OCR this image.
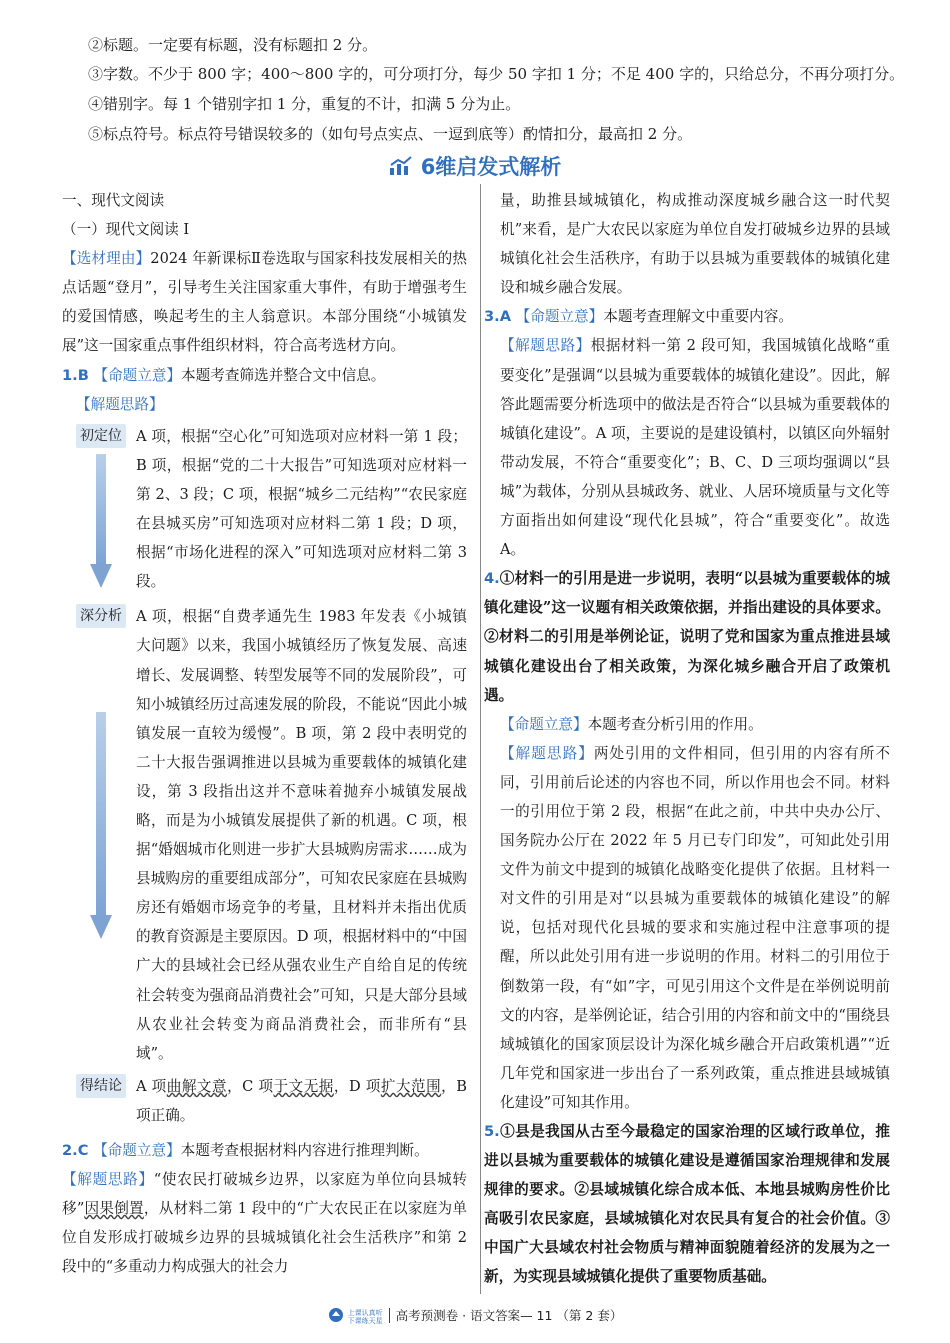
②标题。一定要有标题，没有标题扣 2 分。
③字数。不少于 800 字；400～800 字的，可分项打分，每少 50 字扣 1 分；不足 400 字的，只给总分，不再分项打分。
④错别字。每 1 个错别字扣 1 分，重复的不计，扣满 5 分为止。
⑤标点符号。标点符号错误较多的（如句号点实点、一逗到底等）酌情扣分，最高扣 2 分。
6维启发式解析

一、现代文阅读

（一）现代文阅读 Ⅰ

【选材理由】2024 年新课标Ⅱ卷选取与国家科技发展相关的热点话题“登月”，引导考生关注国家重大事件，有助于增强考生的爱国情感，唤起考生的主人翁意识。本部分围绕“小城镇发展”这一国家重点事件组织材料，符合高考选材方向。

1.B 【命题立意】本题考查筛选并整合文中信息。

【解题思路】

初定位 A 项，根据“空心化”可知选项对应材料一第 1 段；B 项，根据“党的二十大报告”可知选项对应材料一第 2、3 段；C 项，根据“城乡二元结构”“农民家庭在县城买房”可知选项对应材料二第 1 段；D 项，根据“市场化进程的深入”可知选项对应材料二第 3 段。

深分析 A 项，根据“自费孝通先生 1983 年发表《小城镇大问题》以来，我国小城镇经历了恢复发展、高速增长、发展调整、转型发展等不同的发展阶段”，可知小城镇经历过高速发展的阶段，不能说“因此小城镇发展一直较为缓慢”。B 项，第 2 段中表明党的二十大报告强调推进以县城为重要载体的城镇化建设，第 3 段指出这并不意味着抛弃小城镇发展战略，而是为小城镇发展提供了新的机遇。C 项，根据“婚姻城市化则进一步扩大县城购房需求……成为县城购房的重要组成部分”，可知农民家庭在县城购房还有婚姻市场竞争的考量，且材料并未指出优质的教育资源是主要原因。D 项，根据材料中的“中国广大的县域社会已经从强农业生产自给自足的传统社会转变为强商品消费社会”可知，只是大部分县域从农业社会转变为商品消费社会，而非所有“县域”。

得结论 A 项曲解文意，C 项于文无据，D 项扩大范围，B 项正确。

2.C 【命题立意】本题考查根据材料内容进行推理判断。

【解题思路】“使农民打破城乡边界，以家庭为单位向县城转移”因果倒置，从材料二第 1 段中的“广大农民正在以家庭为单位自发形成打破城乡边界的县城城镇化社会生活秩序”和第 2 段中的“多重动力构成强大的社会力

量，助推县域城镇化，构成推动深度城乡融合这一时代契机”来看，是广大农民以家庭为单位自发打破城乡边界的县域城镇化社会生活秩序，有助于以县城为重要载体的城镇化建设和城乡融合发展。

3.A 【命题立意】本题考查理解文中重要内容。

【解题思路】根据材料一第 2 段可知，我国城镇化战略“重要变化”是强调“以县城为重要载体的城镇化建设”。因此，解答此题需要分析选项中的做法是否符合“以县城为重要载体的城镇化建设”。A 项，主要说的是建设镇村，以镇区向外辐射带动发展，不符合“重要变化”；B、C、D 三项均强调以“县城”为载体，分别从县城政务、就业、人居环境质量与文化等方面指出如何建设“现代化县城”，符合“重要变化”。故选 A。

4.①材料一的引用是进一步说明，表明“以县城为重要载体的城镇化建设”这一议题有相关政策依据，并指出建设的具体要求。②材料二的引用是举例论证，说明了党和国家为重点推进县域城镇化建设出台了相关政策，为深化城乡融合开启了政策机遇。

【命题立意】本题考查分析引用的作用。

【解题思路】两处引用的文件相同，但引用的内容有所不同，引用前后论述的内容也不同，所以作用也会不同。材料一的引用位于第 2 段，根据“在此之前，中共中央办公厅、国务院办公厅在 2022 年 5 月已专门印发”，可知此处引用文件为前文中提到的城镇化战略变化提供了依据。且材料一对文件的引用是对“以县城为重要载体的城镇化建设”的解说，包括对现代化县城的要求和实施过程中注意事项的提醒，所以此处引用有进一步说明的作用。材料二的引用位于倒数第一段，有“如”字，可见引用这个文件是在举例说明前文的内容，是举例论证，结合引用的内容和前文中的“围绕县域城镇化的国家顶层设计为深化城乡融合开启政策机遇”“近几年党和国家进一步出台了一系列政策，重点推进县域城镇化建设”可知其作用。

5.①县是我国从古至今最稳定的国家治理的区域行政单位，推进以县城为重要载体的城镇化建设是遵循国家治理规律和发展规律的要求。②县域城镇化综合成本低、本地县城购房性价比高吸引农民家庭，县域城镇化对农民具有复合的社会价值。③中国广大县域农村社会物质与精神面貌随着经济的发展为之一新，为实现县域城镇化提供了重要物质基础。

上课认真听
下课练天星 高考预测卷 · 语文答案— 11 （第 2 套）
